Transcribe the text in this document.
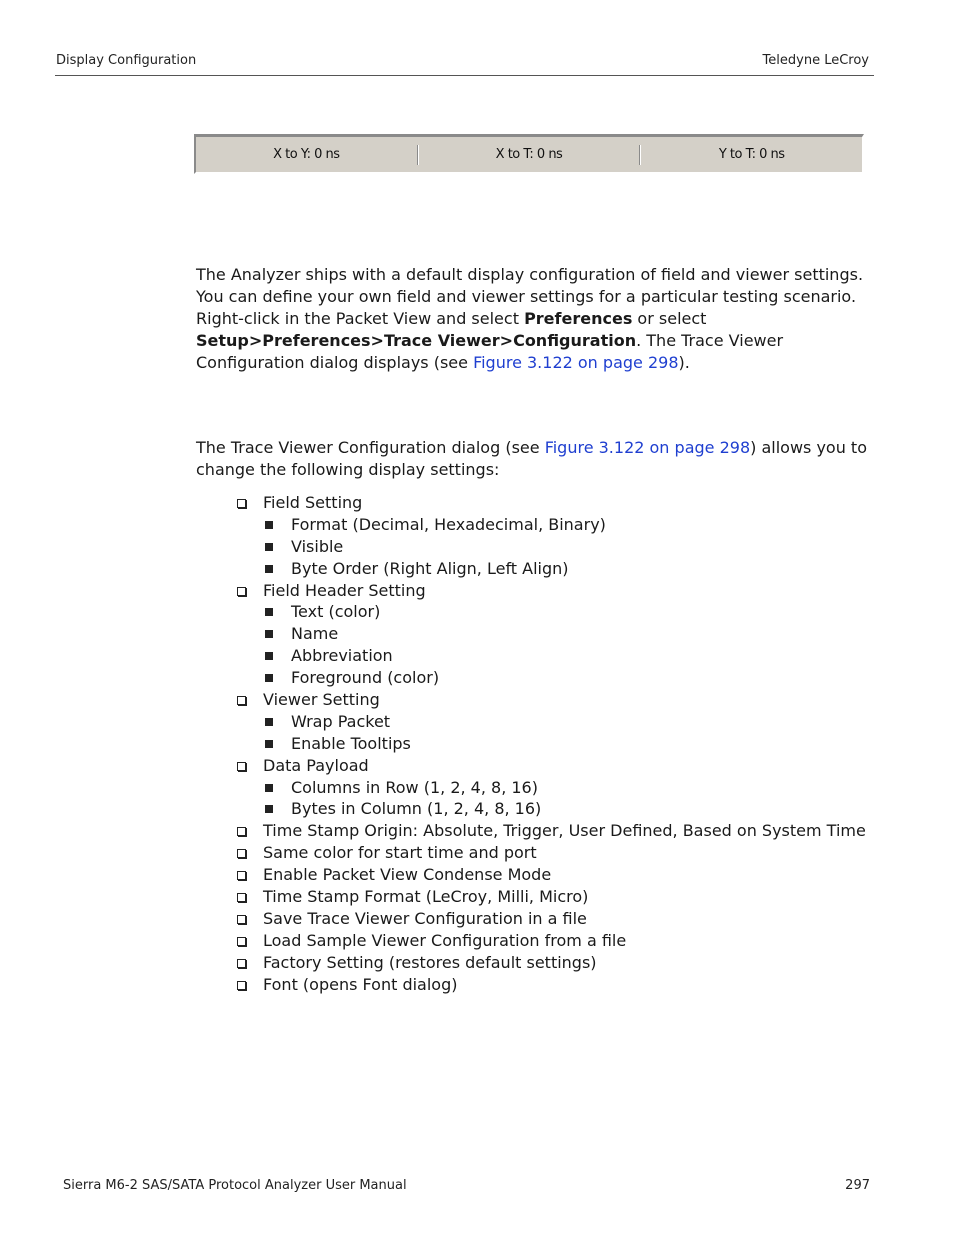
Display Configuration	Teledyne LeCroy
X to Y: 0 ns	X to T: 0 ns	Y to T: 0 ns

The Analyzer ships with a default display configuration of field and viewer settings. You can define your own field and viewer settings for a particular testing scenario. Right-click in the Packet View and select Preferences or select Setup>Preferences>Trace Viewer>Configuration. The Trace Viewer Configuration dialog displays (see Figure 3.122 on page 298).

The Trace Viewer Configuration dialog (see Figure 3.122 on page 298) allows you to change the following display settings:

Field Setting
Format (Decimal, Hexadecimal, Binary)
Visible
Byte Order (Right Align, Left Align)
Field Header Setting
Text (color)
Name
Abbreviation
Foreground (color)
Viewer Setting
Wrap Packet
Enable Tooltips
Data Payload
Columns in Row (1, 2, 4, 8, 16)
Bytes in Column (1, 2, 4, 8, 16)
Time Stamp Origin: Absolute, Trigger, User Defined, Based on System Time
Same color for start time and port
Enable Packet View Condense Mode
Time Stamp Format (LeCroy, Milli, Micro)
Save Trace Viewer Configuration in a file
Load Sample Viewer Configuration from a file
Factory Setting (restores default settings)
Font (opens Font dialog)
Sierra M6-2 SAS/SATA Protocol Analyzer User Manual	297
